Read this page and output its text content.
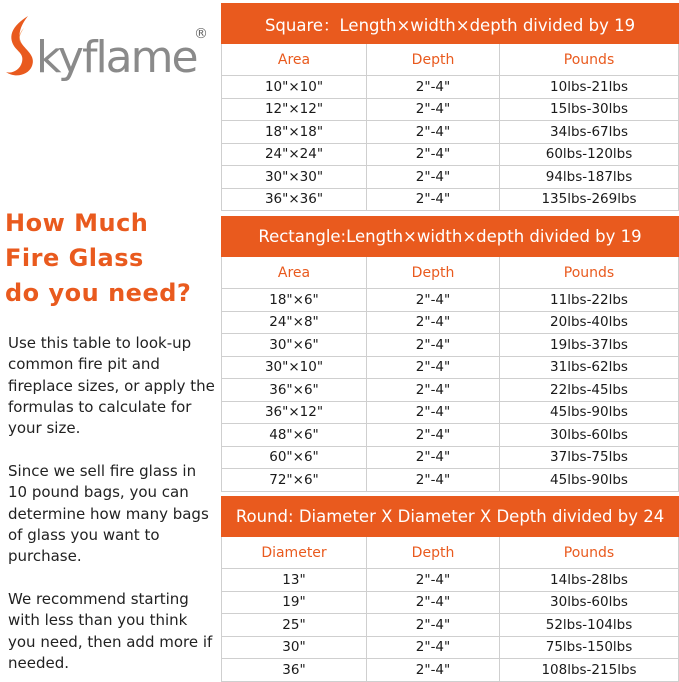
kyflame
®
How Much
Fire Glass
do you need?
Use this table to look-up common fire pit and fireplace sizes, or apply the formulas to calculate for your size.
Since we sell fire glass in 10 pound bags, you can determine how many bags of glass you want to purchase.
We recommend starting with less than you think you need, then add more if needed.
Square：Length×width×depth divided by 19		
Area	Depth	Pounds
10"×10"	2"-4"	10lbs-21lbs
12"×12"	2"-4"	15lbs-30lbs
18"×18"	2"-4"	34lbs-67lbs
24"×24"	2"-4"	60lbs-120lbs
30"×30"	2"-4"	94lbs-187lbs
36"×36"	2"-4"	135lbs-269lbs
Rectangle:Length×width×depth divided by 19		
Area	Depth	Pounds
18"×6"	2"-4"	11lbs-22lbs
24"×8"	2"-4"	20lbs-40lbs
30"×6"	2"-4"	19lbs-37lbs
30"×10"	2"-4"	31lbs-62lbs
36"×6"	2"-4"	22lbs-45lbs
36"×12"	2"-4"	45lbs-90lbs
48"×6"	2"-4"	30lbs-60lbs
60"×6"	2"-4"	37lbs-75lbs
72"×6"	2"-4"	45lbs-90lbs
Round: Diameter X Diameter X Depth divided by 24		
Diameter	Depth	Pounds
13"	2"-4"	14lbs-28lbs
19"	2"-4"	30lbs-60lbs
25"	2"-4"	52lbs-104lbs
30"	2"-4"	75lbs-150lbs
36"	2"-4"	108lbs-215lbs
